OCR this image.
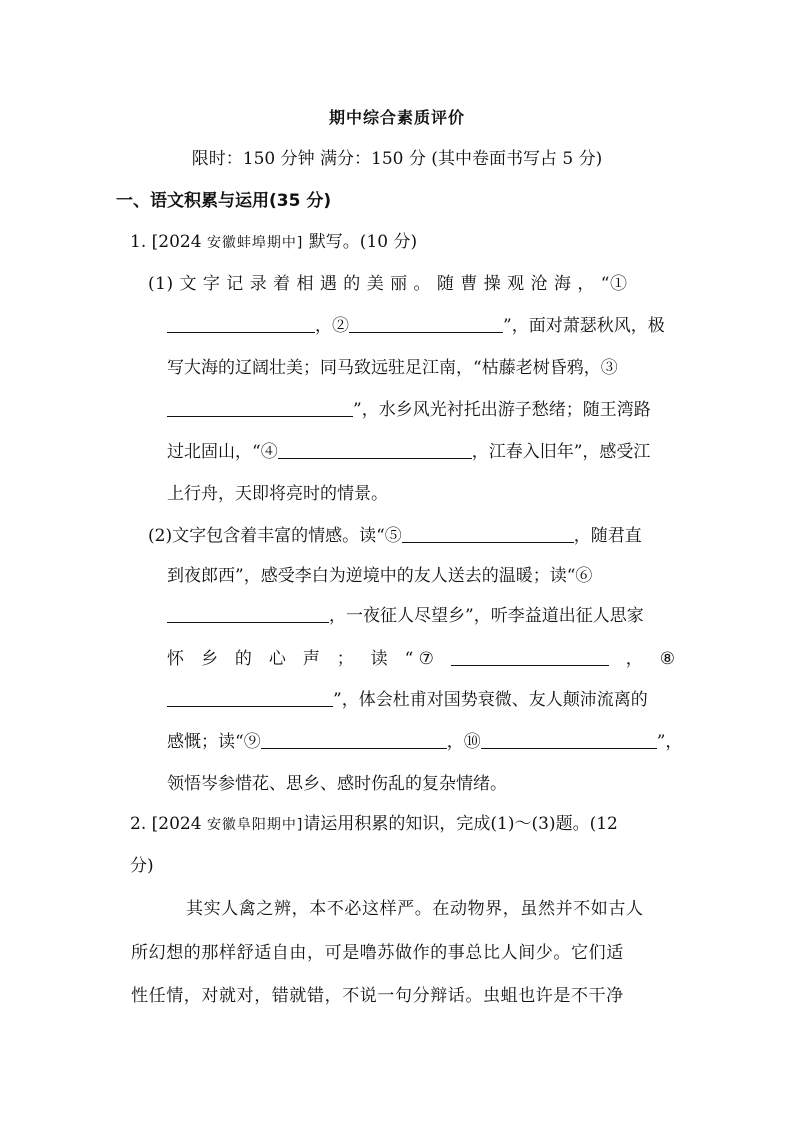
期中综合素质评价
限时：150 分钟 满分：150 分 (其中卷面书写占 5 分)
一、语文积累与运用(35 分)
1. [2024 安徽蚌埠期中] 默写。(10 分)
(1) 文 字 记 录 着 相 遇 的 美 丽 。 随 曹 操 观 沧 海 ， “①
，②	”，面对萧瑟秋风，极
写大海的辽阔壮美；同马致远驻足江南，“枯藤老树昏鸦，③
”，水乡风光衬托出游子愁绪；随王湾路
过北固山，“④	，江春入旧年”，感受江
上行舟，天即将亮时的情景。
(2)文字包含着丰富的情感。读“⑤	，随君直
到夜郎西”，感受李白为逆境中的友人送去的温暖；读“⑥
，一夜征人尽望乡”，听李益道出征人思家
怀 乡 的 心 声 ； 读 “ ⑦	， ⑧
”，体会杜甫对国势衰微、友人颠沛流离的
感慨；读“⑨	，⑩	”，
领悟岑参惜花、思乡、感时伤乱的复杂情绪。
2. [2024 安徽阜阳期中]请运用积累的知识，完成(1)～(3)题。(12
分)
其实人禽之辨，本不必这样严。在动物界，虽然并不如古人
所幻想的那样舒适自由，可是噜苏做作的事总比人间少。它们适
性任情，对就对，错就错，不说一句分辩话。虫蛆也许是不干净
